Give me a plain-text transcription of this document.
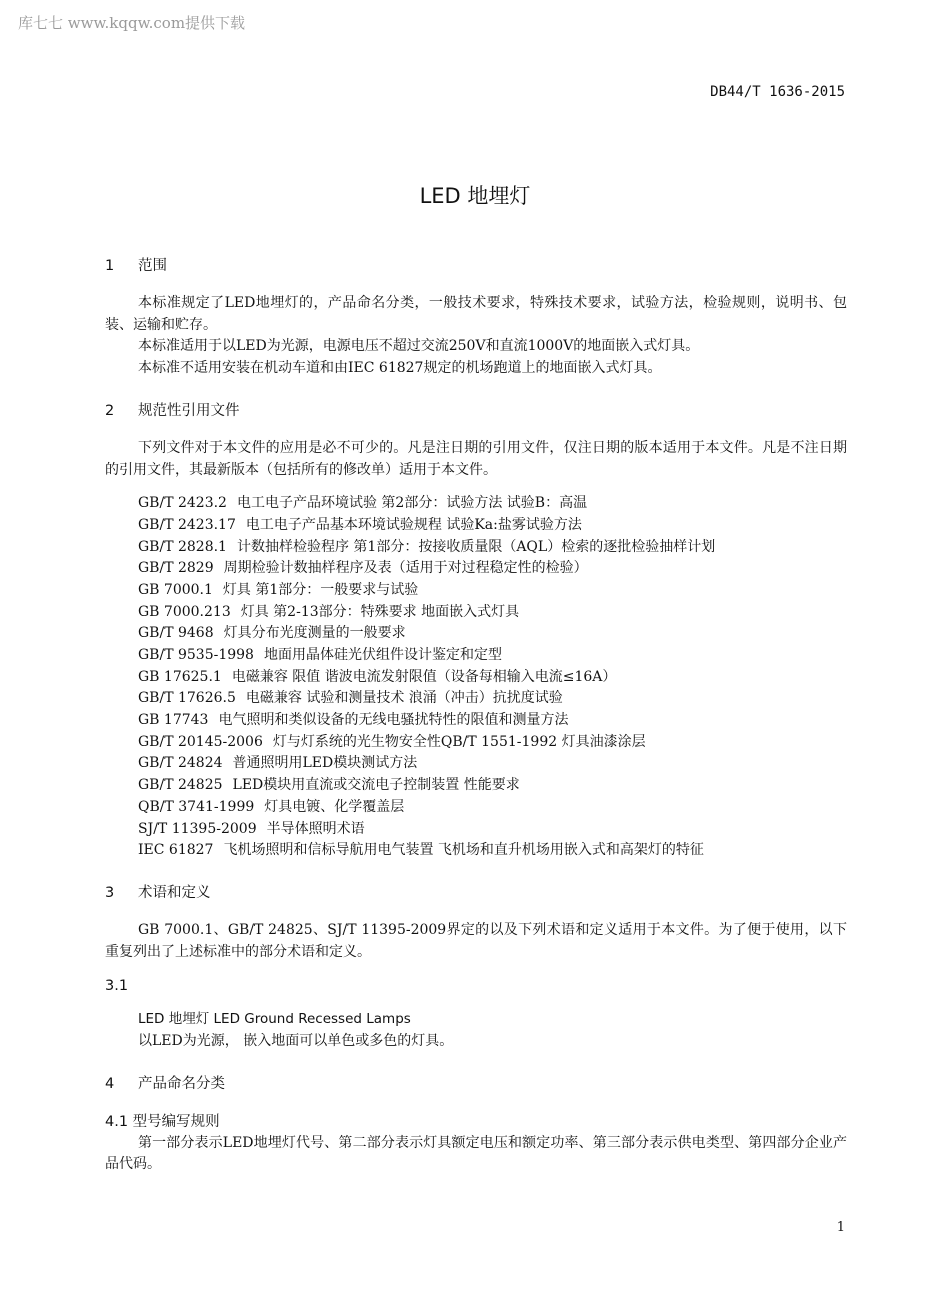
库七七 www.kqqw.com提供下载
DB44/T 1636-2015
LED 地埋灯
1	范围

本标准规定了LED地埋灯的，产品命名分类，一般技术要求，特殊技术要求，试验方法，检验规则，说明书、包装、运输和贮存。

本标准适用于以LED为光源，电源电压不超过交流250V和直流1000V的地面嵌入式灯具。

本标准不适用安装在机动车道和由IEC 61827规定的机场跑道上的地面嵌入式灯具。

2	规范性引用文件

下列文件对于本文件的应用是必不可少的。凡是注日期的引用文件，仅注日期的版本适用于本文件。凡是不注日期的引用文件，其最新版本（包括所有的修改单）适用于本文件。

GB/T 2423.2 电工电子产品环境试验 第2部分：试验方法 试验B：高温
GB/T 2423.17 电工电子产品基本环境试验规程 试验Ka:盐雾试验方法
GB/T 2828.1 计数抽样检验程序 第1部分：按接收质量限（AQL）检索的逐批检验抽样计划
GB/T 2829 周期检验计数抽样程序及表（适用于对过程稳定性的检验）
GB 7000.1 灯具 第1部分：一般要求与试验
GB 7000.213 灯具 第2-13部分：特殊要求 地面嵌入式灯具
GB/T 9468 灯具分布光度测量的一般要求
GB/T 9535-1998 地面用晶体硅光伏组件设计鉴定和定型
GB 17625.1 电磁兼容 限值 谐波电流发射限值（设备每相输入电流≤16A）
GB/T 17626.5 电磁兼容 试验和测量技术 浪涌（冲击）抗扰度试验
GB 17743 电气照明和类似设备的无线电骚扰特性的限值和测量方法
GB/T 20145-2006 灯与灯系统的光生物安全性QB/T 1551-1992 灯具油漆涂层
GB/T 24824 普通照明用LED模块测试方法
GB/T 24825 LED模块用直流或交流电子控制装置 性能要求
QB/T 3741-1999 灯具电镀、化学覆盖层
SJ/T 11395-2009 半导体照明术语
IEC 61827 飞机场照明和信标导航用电气装置 飞机场和直升机场用嵌入式和高架灯的特征
3	术语和定义

GB 7000.1、GB/T 24825、SJ/T 11395-2009界定的以及下列术语和定义适用于本文件。为了便于使用，以下重复列出了上述标准中的部分术语和定义。

3.1
LED 地埋灯 LED Ground Recessed Lamps
以LED为光源， 嵌入地面可以单色或多色的灯具。
4	产品命名分类
4.1 型号编写规则

第一部分表示LED地埋灯代号、第二部分表示灯具额定电压和额定功率、第三部分表示供电类型、第四部分企业产品代码。

1
